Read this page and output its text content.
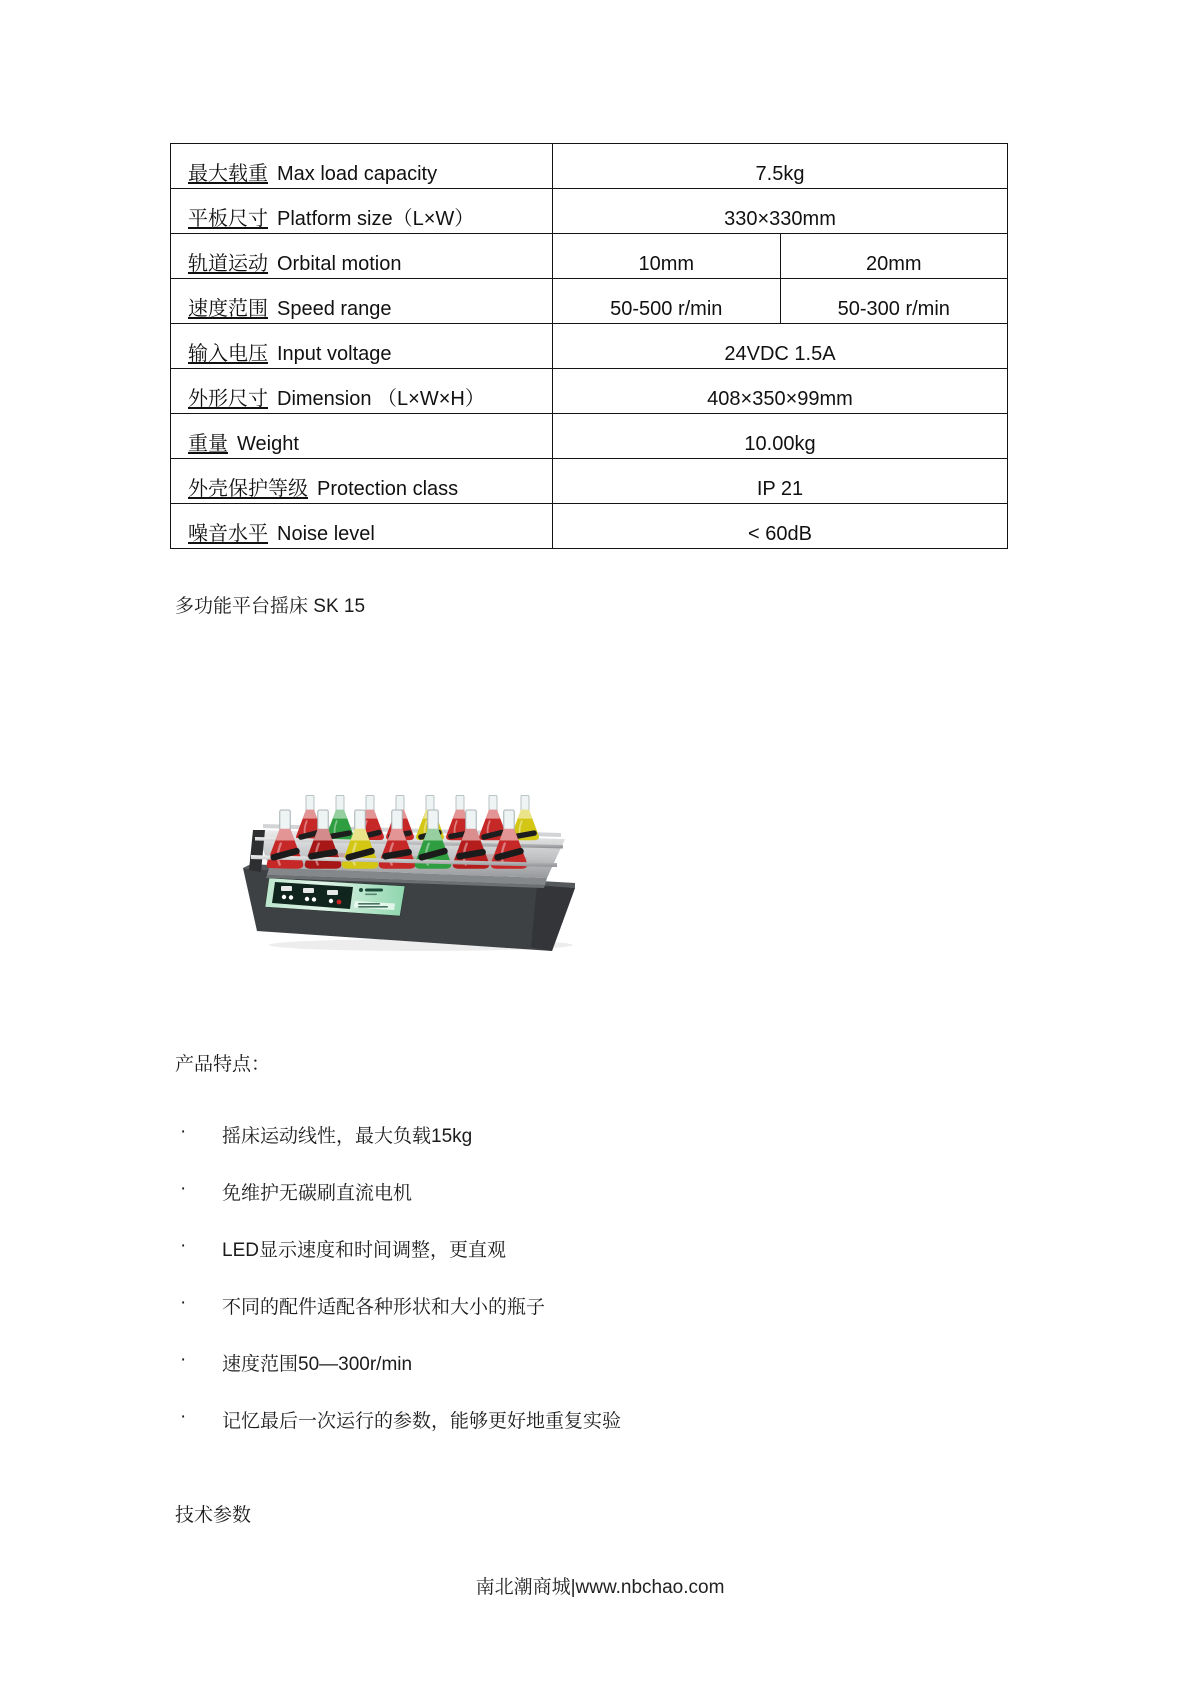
最大载重 Max load capacity	7.5kg	
平板尺寸 Platform size（L×W）	330×330mm	
轨道运动 Orbital motion	10mm	20mm
速度范围 Speed range	50-500 r/min	50-300 r/min
输入电压 Input voltage	24VDC 1.5A	
外形尺寸 Dimension （L×W×H）	408×350×99mm	
重量 Weight	10.00kg	
外壳保护等级 Protection class	IP 21	
噪音水平 Noise level	< 60dB	
多功能平台摇床 SK 15
产品特点：
·	摇床运动线性，最大负载15kg
·	免维护无碳刷直流电机
·	LED显示速度和时间调整，更直观
·	不同的配件适配各种形状和大小的瓶子
·	速度范围50—300r/min
·	记忆最后一次运行的参数，能够更好地重复实验
技术参数
南北潮商城|www.nbchao.com
